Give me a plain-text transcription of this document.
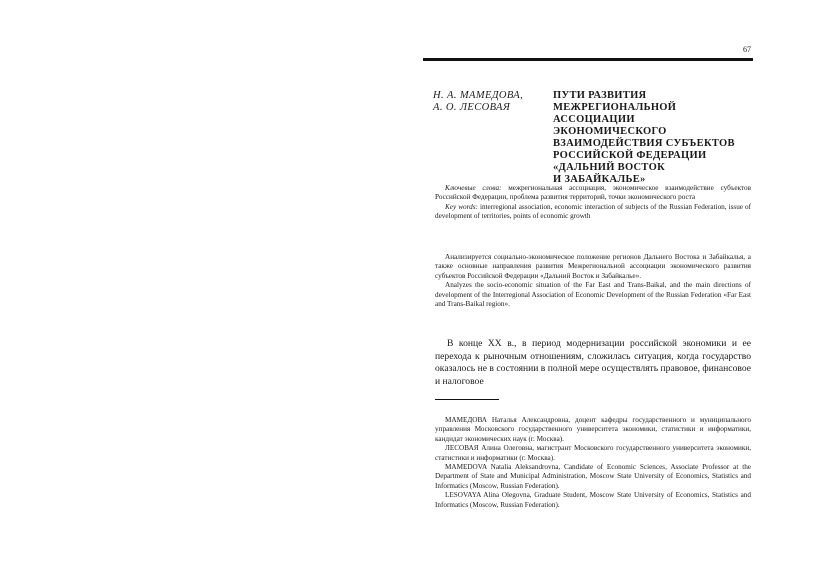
67
Н. А. МАМЕДОВА,
А. О. ЛЕСОВАЯ
ПУТИ РАЗВИТИЯ
МЕЖРЕГИОНАЛЬНОЙ
АССОЦИАЦИИ
ЭКОНОМИЧЕСКОГО
ВЗАИМОДЕЙСТВИЯ СУБЪЕКТОВ
РОССИЙСКОЙ ФЕДЕРАЦИИ
«ДАЛЬНИЙ ВОСТОК
И ЗАБАЙКАЛЬЕ»

Ключевые слова: межрегиональная ассоциация, экономическое взаимодействие субъектов Российской Федерации, проблема развития территорий, точки экономического роста

Key words: interregional association, economic interaction of subjects of the Russian Federation, issue of development of territories, points of economic growth

Анализируется социально-экономическое положение регионов Дальнего Востока и Забайкалья, а также основные направления развития Межрегиональной ассоциации экономического развития субъектов Российской Федерации «Дальний Восток и Забайкалье».

Analyzes the socio-economic situation of the Far East and Trans-Baikal, and the main directions of development of the Interregional Association of Economic Development of the Russian Federation «Far East and Trans-Baikal region».

В конце XX в., в период модернизации российской экономики и ее перехода к рыночным отношениям, сложилась ситуация, когда государство оказалось не в состоянии в полной мере осуществлять правовое, финансовое и налоговое

МАМЕДОВА Наталья Александровна, доцент кафедры государственного и муниципального управления Московского государственного университета экономики, статистики и информатики, кандидат экономических наук (г. Москва).

ЛЕСОВАЯ Алина Олеговна, магистрант Московского государственного университета экономики, статистики и информатики (г. Москва).

MAMEDOVA Natalia Aleksandrovna, Candidate of Economic Sciences, Associate Professor at the Department of State and Municipal Administration, Moscow State University of Economics, Statistics and Informatics (Moscow, Russian Federation).

LESOVAYA Alina Olegovna, Graduate Student, Moscow State University of Economics, Statistics and Informatics (Moscow, Russian Federation).
